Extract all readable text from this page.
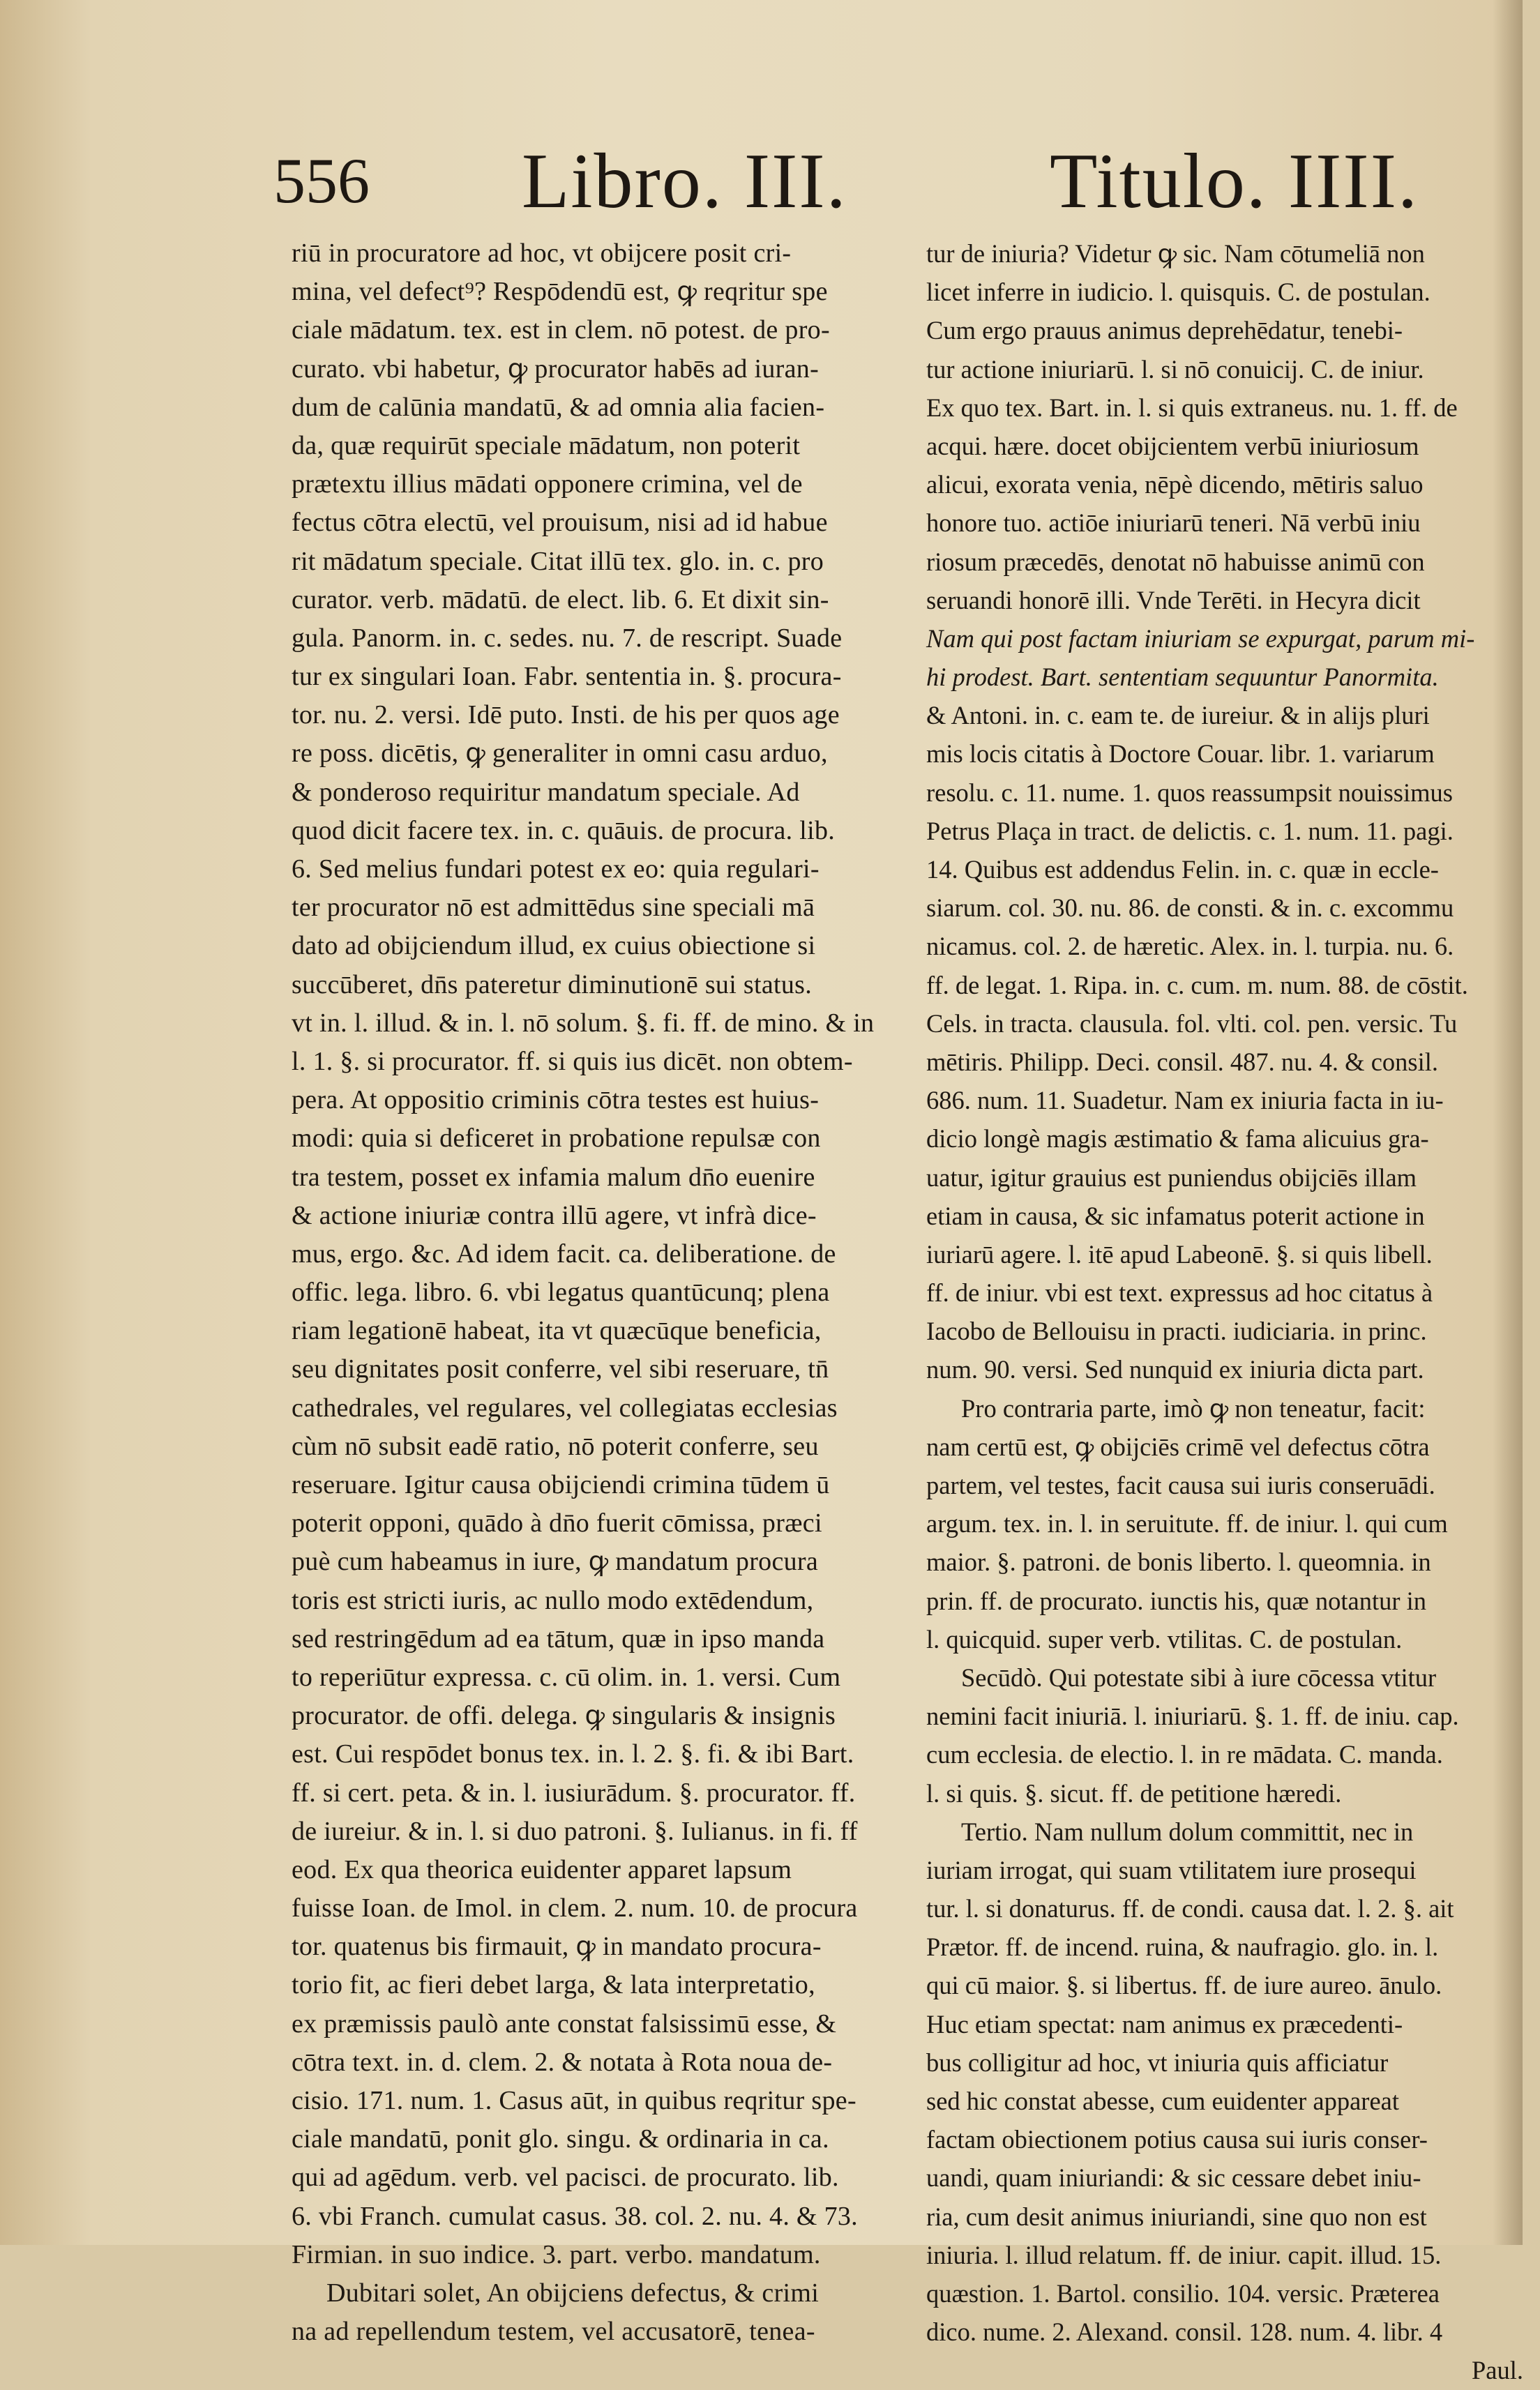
556 Libro. III.	Titulo. IIII.
riū in procuratore ad hoc, vt obijcere posit cri-
mina, vel defect⁹? Respōdendū est, ꝙ reqritur spe
ciale mādatum. tex. est in clem. nō potest. de pro-
curato. vbi habetur, ꝙ procurator habēs ad iuran-
dum de calūnia mandatū, & ad omnia alia facien-
da, quæ requirūt speciale mādatum, non poterit
prætextu illius mādati opponere crimina, vel de
fectus cōtra electū, vel prouisum, nisi ad id habue
rit mādatum speciale. Citat illū tex. glo. in. c. pro
curator. verb. mādatū. de elect. lib. 6. Et dixit sin-
gula. Panorm. in. c. sedes. nu. 7. de rescript. Suade
tur ex singulari Ioan. Fabr. sententia in. §. procura-
tor. nu. 2. versi. Idē puto. Insti. de his per quos age
re poss. dicētis, ꝙ generaliter in omni casu arduo,
& ponderoso requiritur mandatum speciale. Ad
quod dicit facere tex. in. c. quāuis. de procura. lib.
6. Sed melius fundari potest ex eo: quia regulari-
ter procurator nō est admittēdus sine speciali mā
dato ad obijciendum illud, ex cuius obiectione si
succūberet, dn̄s pateretur diminutionē sui status.
vt in. l. illud. & in. l. nō solum. §. fi. ff. de mino. & in
l. 1. §. si procurator. ff. si quis ius dicēt. non obtem-
pera. At oppositio criminis cōtra testes est huius-
modi: quia si deficeret in probatione repulsæ con
tra testem, posset ex infamia malum dn̄o euenire
& actione iniuriæ contra illū agere, vt infrà dice-
mus, ergo. &c. Ad idem facit. ca. deliberatione. de
offic. lega. libro. 6. vbi legatus quantūcunq; plena
riam legationē habeat, ita vt quæcūque beneficia,
seu dignitates posit conferre, vel sibi reseruare, tn̄
cathedrales, vel regulares, vel collegiatas ecclesias
cùm nō subsit eadē ratio, nō poterit conferre, seu
reseruare. Igitur causa obijciendi crimina tūdem ū
poterit opponi, quādo à dn̄o fuerit cōmissa, præci
puè cum habeamus in iure, ꝙ mandatum procura
toris est stricti iuris, ac nullo modo extēdendum,
sed restringēdum ad ea tātum, quæ in ipso manda
to reperiūtur expressa. c. cū olim. in. 1. versi. Cum
procurator. de offi. delega. ꝙ singularis & insignis
est. Cui respōdet bonus tex. in. l. 2. §. fi. & ibi Bart.
ff. si cert. peta. & in. l. iusiurādum. §. procurator. ff.
de iureiur. & in. l. si duo patroni. §. Iulianus. in fi. ff
eod. Ex qua theorica euidenter apparet lapsum
fuisse Ioan. de Imol. in clem. 2. num. 10. de procura
tor. quatenus bis firmauit, ꝙ in mandato procura-
torio fit, ac fieri debet larga, & lata interpretatio,
ex præmissis paulò ante constat falsissimū esse, &
cōtra text. in. d. clem. 2. & notata à Rota noua de-
cisio. 171. num. 1. Casus aūt, in quibus reqritur spe-
ciale mandatū, ponit glo. singu. & ordinaria in ca.
qui ad agēdum. verb. vel pacisci. de procurato. lib.
6. vbi Franch. cumulat casus. 38. col. 2. nu. 4. & 73.
Firmian. in suo indice. 3. part. verbo. mandatum.
Dubitari solet, An obijciens defectus, & crimi
na ad repellendum testem, vel accusatorē, tenea-
tur de iniuria? Videtur ꝙ sic. Nam cōtumeliā non
licet inferre in iudicio. l. quisquis. C. de postulan.
Cum ergo prauus animus deprehēdatur, tenebi-
tur actione iniuriarū. l. si nō conuicij. C. de iniur.
Ex quo tex. Bart. in. l. si quis extraneus. nu. 1. ff. de
acqui. hære. docet obijcientem verbū iniuriosum
alicui, exorata venia, nēpè dicendo, mētiris saluo
honore tuo. actiōe iniuriarū teneri. Nā verbū iniu
riosum præcedēs, denotat nō habuisse animū con
seruandi honorē illi. Vnde Terēti. in Hecyra dicit
Nam qui post factam iniuriam se expurgat, parum mi-
hi prodest. Bart. sententiam sequuntur Panormita.
& Antoni. in. c. eam te. de iureiur. & in alijs pluri
mis locis citatis à Doctore Couar. libr. 1. variarum
resolu. c. 11. nume. 1. quos reassumpsit nouissimus
Petrus Plaça in tract. de delictis. c. 1. num. 11. pagi.
14. Quibus est addendus Felin. in. c. quæ in eccle-
siarum. col. 30. nu. 86. de consti. & in. c. excommu
nicamus. col. 2. de hæretic. Alex. in. l. turpia. nu. 6.
ff. de legat. 1. Ripa. in. c. cum. m. num. 88. de cōstit.
Cels. in tracta. clausula. fol. vlti. col. pen. versic. Tu
mētiris. Philipp. Deci. consil. 487. nu. 4. & consil.
686. num. 11. Suadetur. Nam ex iniuria facta in iu-
dicio longè magis æstimatio & fama alicuius gra-
uatur, igitur grauius est puniendus obijciēs illam
etiam in causa, & sic infamatus poterit actione in
iuriarū agere. l. itē apud Labeonē. §. si quis libell.
ff. de iniur. vbi est text. expressus ad hoc citatus à
Iacobo de Bellouisu in practi. iudiciaria. in princ.
num. 90. versi. Sed nunquid ex iniuria dicta part.
Pro contraria parte, imò ꝙ non teneatur, facit:
nam certū est, ꝙ obijciēs crimē vel defectus cōtra
partem, vel testes, facit causa sui iuris conseruādi.
argum. tex. in. l. in seruitute. ff. de iniur. l. qui cum
maior. §. patroni. de bonis liberto. l. queomnia. in
prin. ff. de procurato. iunctis his, quæ notantur in
l. quicquid. super verb. vtilitas. C. de postulan.
Secūdò. Qui potestate sibi à iure cōcessa vtitur
nemini facit iniuriā. l. iniuriarū. §. 1. ff. de iniu. cap.
cum ecclesia. de electio. l. in re mādata. C. manda.
l. si quis. §. sicut. ff. de petitione hæredi.
Tertio. Nam nullum dolum committit, nec in
iuriam irrogat, qui suam vtilitatem iure prosequi
tur. l. si donaturus. ff. de condi. causa dat. l. 2. §. ait
Prætor. ff. de incend. ruina, & naufragio. glo. in. l.
qui cū maior. §. si libertus. ff. de iure aureo. ānulo.
Huc etiam spectat: nam animus ex præcedenti-
bus colligitur ad hoc, vt iniuria quis afficiatur
sed hic constat abesse, cum euidenter appareat
factam obiectionem potius causa sui iuris conser-
uandi, quam iniuriandi: & sic cessare debet iniu-
ria, cum desit animus iniuriandi, sine quo non est
iniuria. l. illud relatum. ff. de iniur. capit. illud. 15.
quæstion. 1. Bartol. consilio. 104. versic. Præterea
dico. nume. 2. Alexand. consil. 128. num. 4. libr. 4
Paul.
